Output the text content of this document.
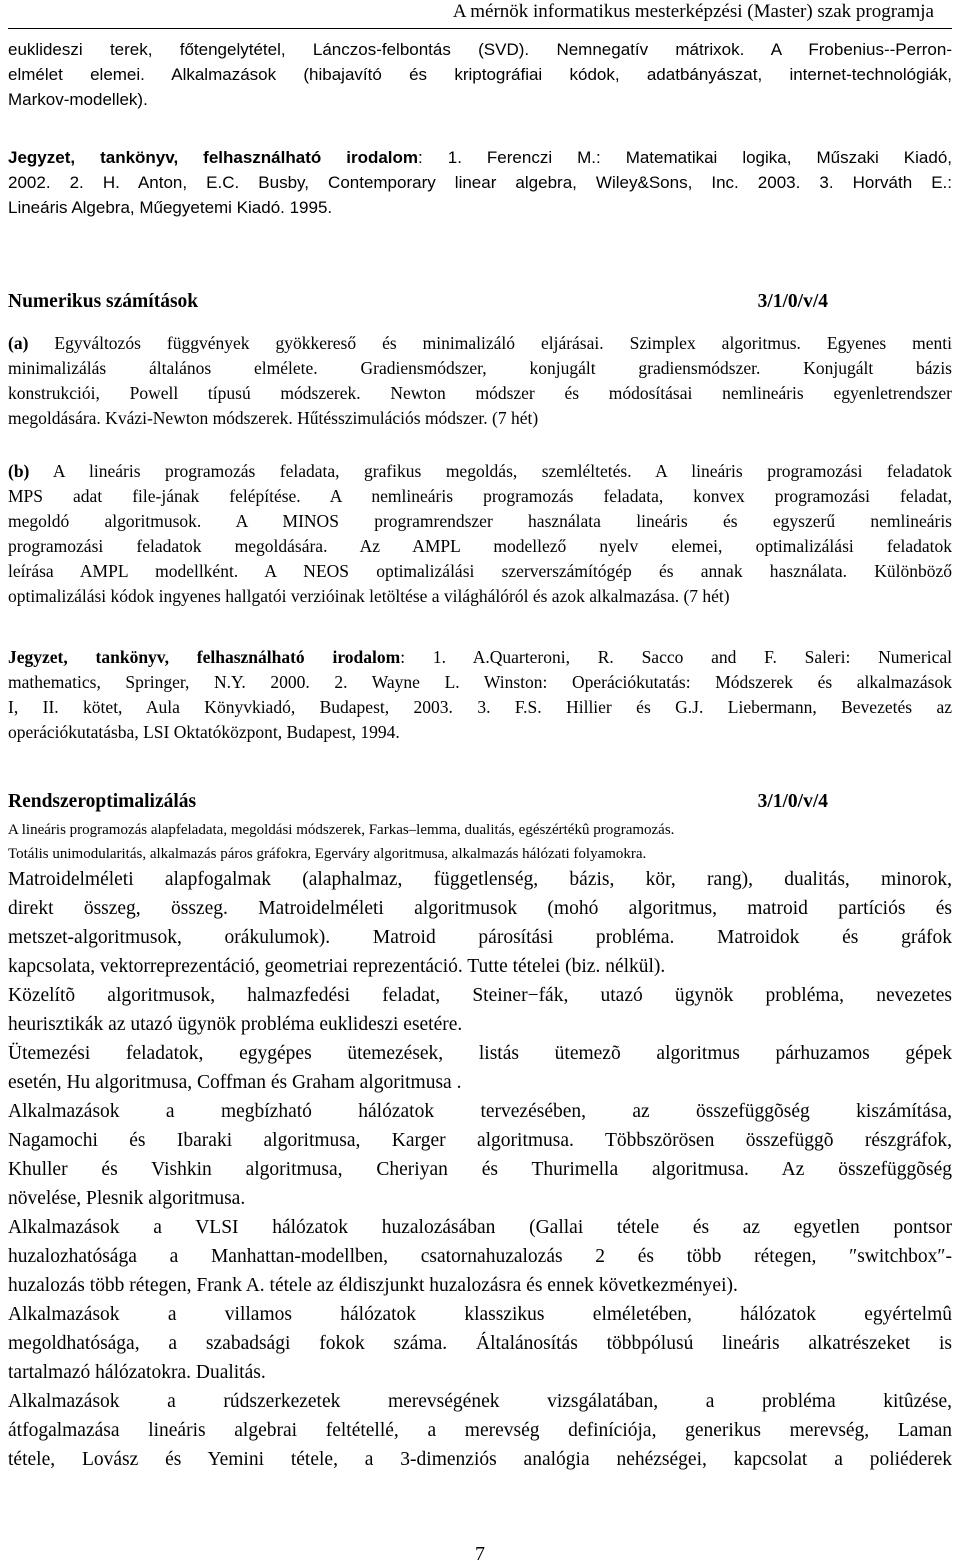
A mérnök informatikus mesterképzési (Master) szak programja
euklideszi terek, főtengelytétel, Lánczos-felbontás (SVD). Nemnegatív mátrixok. A Frobenius--Perron-
elmélet elemei. Alkalmazások (hibajavító és kriptográfiai kódok, adatbányászat, internet-technológiák,
Markov-modellek).
Jegyzet, tankönyv, felhasználható irodalom: 1. Ferenczi M.: Matematikai logika, Műszaki Kiadó,
2002. 2. H. Anton, E.C. Busby, Contemporary linear algebra, Wiley&Sons, Inc. 2003. 3. Horváth E.:
Lineáris Algebra, Műegyetemi Kiadó. 1995.
Numerikus számítások	3/1/0/v/4
(a) Egyváltozós függvények gyökkereső és minimalizáló eljárásai. Szimplex algoritmus. Egyenes menti
minimalizálás általános elmélete. Gradiensmódszer, konjugált gradiensmódszer. Konjugált bázis
konstrukciói, Powell típusú módszerek. Newton módszer és módosításai nemlineáris egyenletrendszer
megoldására. Kvázi-Newton módszerek. Hűtésszimulációs módszer. (7 hét)
(b) A lineáris programozás feladata, grafikus megoldás, szemléltetés. A lineáris programozási feladatok
MPS adat file-jának felépítése. A nemlineáris programozás feladata, konvex programozási feladat,
megoldó algoritmusok. A MINOS programrendszer használata lineáris és egyszerű nemlineáris
programozási feladatok megoldására. Az AMPL modellező nyelv elemei, optimalizálási feladatok
leírása AMPL modellként. A NEOS optimalizálási szerverszámítógép és annak használata. Különböző
optimalizálási kódok ingyenes hallgatói verzióinak letöltése a világhálóról és azok alkalmazása. (7 hét)
Jegyzet, tankönyv, felhasználható irodalom: 1. A.Quarteroni, R. Sacco and F. Saleri: Numerical
mathematics, Springer, N.Y. 2000. 2. Wayne L. Winston: Operációkutatás: Módszerek és alkalmazások
I, II. kötet, Aula Könyvkiadó, Budapest, 2003. 3. F.S. Hillier és G.J. Liebermann, Bevezetés az
operációkutatásba, LSI Oktatóközpont, Budapest, 1994.
Rendszeroptimalizálás	3/1/0/v/4
A lineáris programozás alapfeladata, megoldási módszerek, Farkas–lemma, dualitás, egészértékû programozás.
Totális unimodularitás, alkalmazás páros gráfokra, Egerváry algoritmusa, alkalmazás hálózati folyamokra.
Matroidelméleti alapfogalmak (alaphalmaz, függetlenség, bázis, kör, rang), dualitás, minorok,
direkt összeg, összeg. Matroidelméleti algoritmusok (mohó algoritmus, matroid partíciós és
metszet-algoritmusok, orákulumok). Matroid párosítási probléma. Matroidok és gráfok
kapcsolata, vektorreprezentáció, geometriai reprezentáció. Tutte tételei (biz. nélkül).
Közelítõ algoritmusok, halmazfedési feladat, Steiner−fák, utazó ügynök probléma, nevezetes
heurisztikák az utazó ügynök probléma euklideszi esetére.
Ütemezési feladatok, egygépes ütemezések, listás ütemezõ algoritmus párhuzamos gépek
esetén, Hu algoritmusa, Coffman és Graham algoritmusa .
Alkalmazások a megbízható hálózatok tervezésében, az összefüggõség kiszámítása,
Nagamochi és Ibaraki algoritmusa, Karger algoritmusa. Többszörösen összefüggõ részgráfok,
Khuller és Vishkin algoritmusa, Cheriyan és Thurimella algoritmusa. Az összefüggõség
növelése, Plesnik algoritmusa.
Alkalmazások a VLSI hálózatok huzalozásában (Gallai tétele és az egyetlen pontsor
huzalozhatósága a Manhattan-modellben, csatornahuzalozás 2 és több rétegen, ″switchbox″-
huzalozás több rétegen, Frank A. tétele az éldiszjunkt huzalozásra és ennek következményei).
Alkalmazások a villamos hálózatok klasszikus elméletében, hálózatok egyértelmû
megoldhatósága, a szabadsági fokok száma. Általánosítás többpólusú lineáris alkatrészeket is
tartalmazó hálózatokra. Dualitás.
Alkalmazások a rúdszerkezetek merevségének vizsgálatában, a probléma kitûzése,
átfogalmazása lineáris algebrai feltétellé, a merevség definíciója, generikus merevség, Laman
tétele, Lovász és Yemini tétele, a 3-dimenziós analógia nehézségei, kapcsolat a poliéderek
7
